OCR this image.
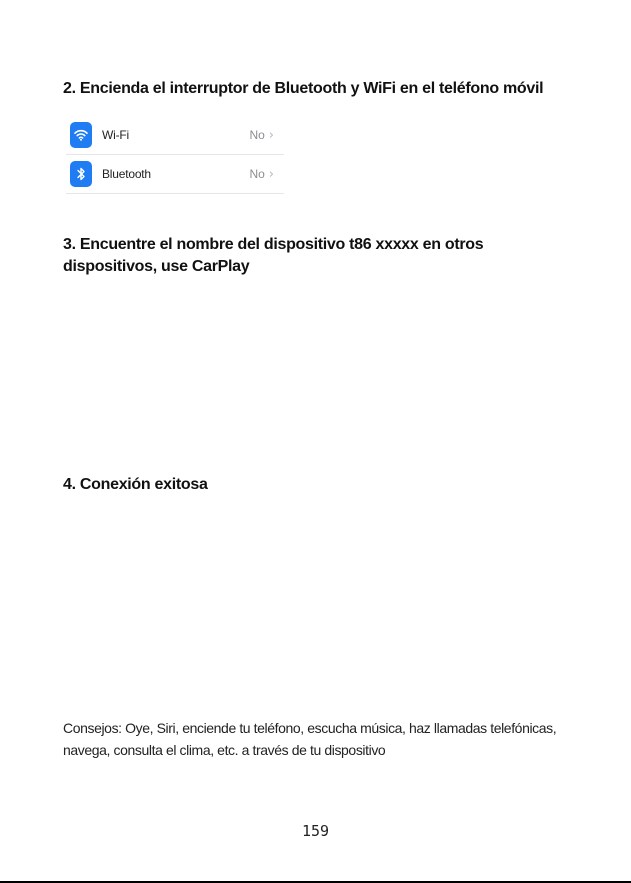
2. Encienda el interruptor de Bluetooth y WiFi en el teléfono móvil

Wi-Fi	No ›
Bluetooth	No ›

3. Encuentre el nombre del dispositivo t86 xxxxx en otros dispositivos, use CarPlay

4. Conexión exitosa

Consejos: Oye, Siri, enciende tu teléfono, escucha música, haz llamadas telefónicas, navega, consulta el clima, etc. a través de tu dispositivo

159
